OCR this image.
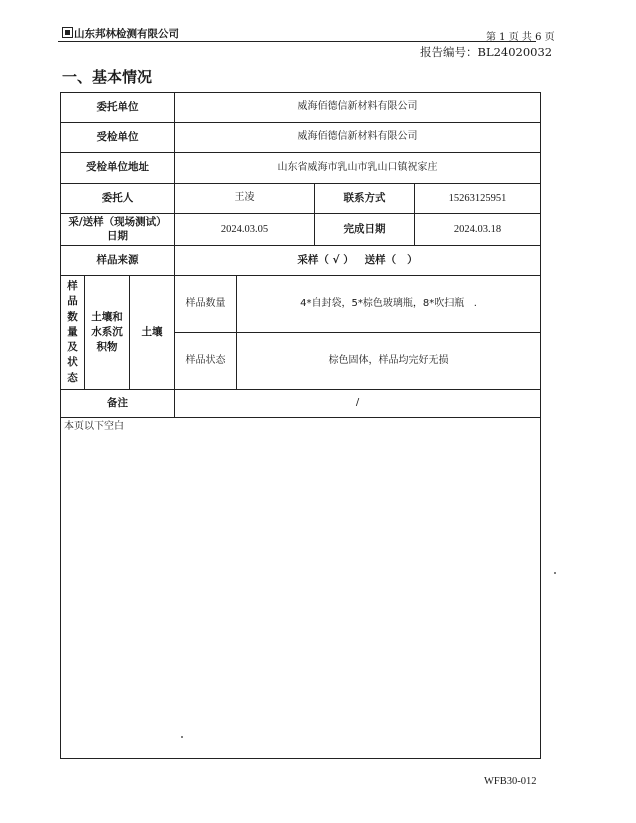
山东邦林检测有限公司	第 1 页 共 6 页
报告编号：BL24020032
一、基本情况
委托单位			威海佰德信新材料有限公司			
受检单位			威海佰德信新材料有限公司			
受检单位地址			山东省威海市乳山市乳山口镇祝家庄			
委托人			王凌		联系方式	15263125951

采/送样（现场测试）
日期			2024.03.05		完成日期	2024.03.18
样品来源			采样（ √ ）   送样（   ）			

样品数量及状态	土壤和水系沉积物	土壤	样品数量	4*自封袋，5*棕色玻璃瓶，8*吹扫瓶   .		
			样品状态	棕色固体，样品均完好无损		
备注			/			
本页以下空白						
WFB30-012
